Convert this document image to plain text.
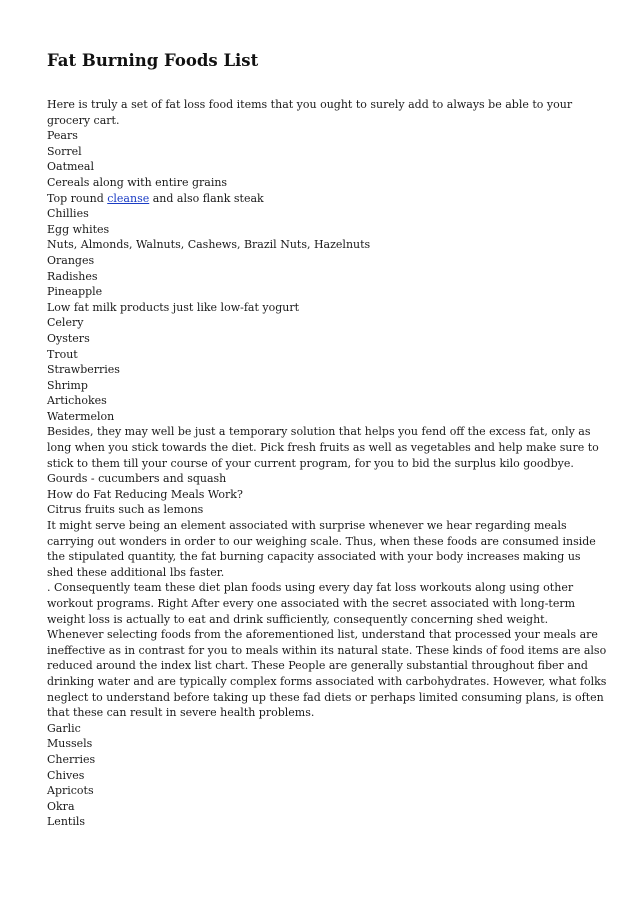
Fat Burning Foods List
Here is truly a set of fat loss food items that you ought to surely add to always be able to your grocery cart.
Pears
Sorrel
Oatmeal
Cereals along with entire grains
Top round cleanse and also flank steak
Chillies
Egg whites
Nuts, Almonds, Walnuts, Cashews, Brazil Nuts, Hazelnuts
Oranges
Radishes
Pineapple
Low fat milk products just like low-fat yogurt
Celery
Oysters
Trout
Strawberries
Shrimp
Artichokes
Watermelon
Besides, they may well be just a temporary solution that helps you fend off the excess fat, only as long when you stick towards the diet. Pick fresh fruits as well as vegetables and help make sure to stick to them till your course of your current program, for you to bid the surplus kilo goodbye.
Gourds - cucumbers and squash
How do Fat Reducing Meals Work?
Citrus fruits such as lemons
It might serve being an element associated with surprise whenever we hear regarding meals carrying out wonders in order to our weighing scale. Thus, when these foods are consumed inside the stipulated quantity, the fat burning capacity associated with your body increases making us shed these additional lbs faster.
. Consequently team these diet plan foods using every day fat loss workouts along using other workout programs. Right After every one associated with the secret associated with long-term weight loss is actually to eat and drink sufficiently, consequently concerning shed weight. Whenever selecting foods from the aforementioned list, understand that processed your meals are ineffective as in contrast for you to meals within its natural state. These kinds of food items are also reduced around the index list chart. These People are generally substantial throughout fiber and drinking water and are typically complex forms associated with carbohydrates. However, what folks neglect to understand before taking up these fad diets or perhaps limited consuming plans, is often that these can result in severe health problems.
Garlic
Mussels
Cherries
Chives
Apricots
Okra
Lentils
